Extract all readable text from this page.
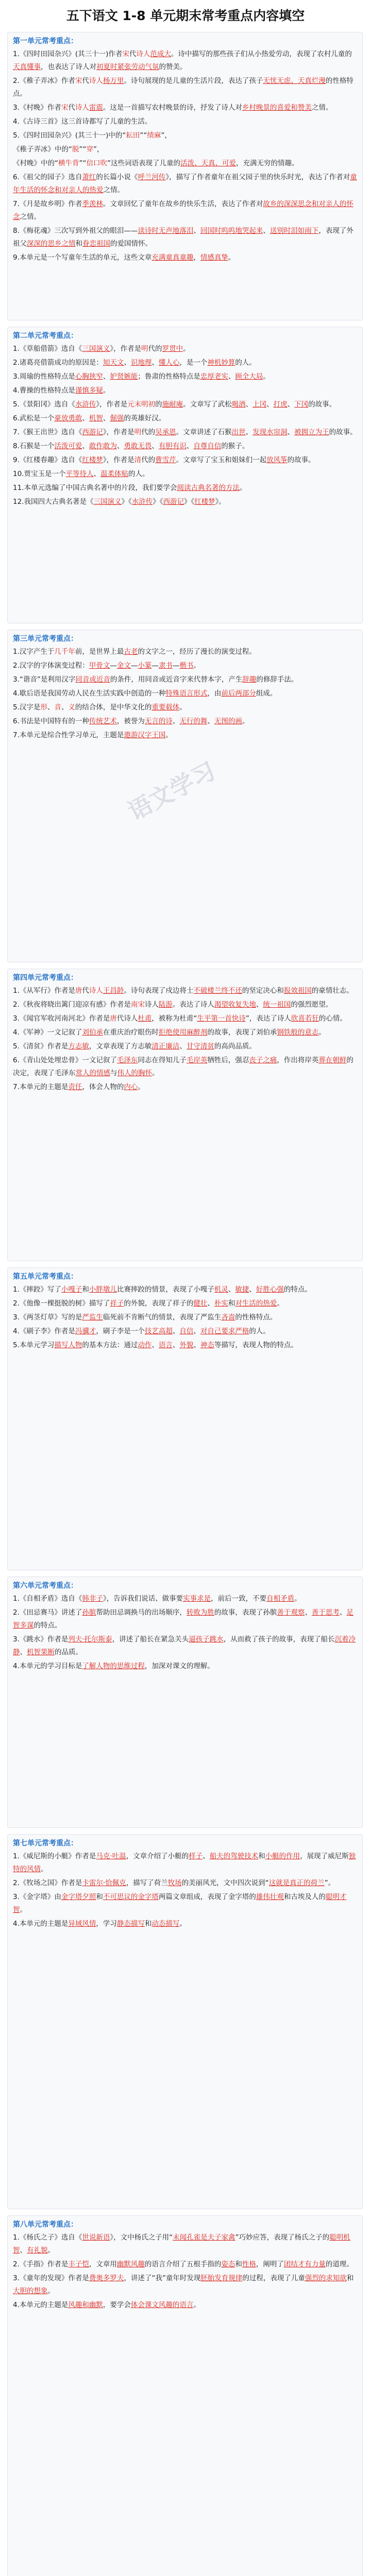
五下语文 1-8 单元期末常考重点内容填空
第一单元常考重点：
1.《四时田园杂兴》(其三十一)作者宋代诗人范成大。诗中描写的那些孩子们从小热爱劳动，表现了农村儿童的天真懂事，也表达了诗人对初夏时紧张劳动气氛的赞美。
2.《稚子弄冰》作者宋代诗人杨万里。诗句展现的是儿童的生活片段，表达了孩子无忧无虑、天真烂漫的性格特点。
3.《村晚》作者宋代诗人雷震。这是一首描写农村晚景的诗，抒发了诗人对乡村晚景的喜爱和赞美之情。
4.《古诗三首》这三首诗都写了儿童的生活。
5.《四时田园杂兴》(其三十一)中的“耘田”“绩麻”，
《稚子弄冰》中的“脱”“穿”，
《村晚》中的“横牛背”“信口吹”这些词语表现了儿童的活泼、天真、可爱，充满无穷的情趣。
6.《祖父的园子》选自萧红的长篇小说《呼兰河传》，描写了作者童年在祖父园子里的快乐时光，表达了作者对童年生活的怀念和对亲人的热爱之情。
7.《月是故乡明》作者季羡林。文章回忆了童年在故乡的快乐生活，表达了作者对故乡的深深思念和对亲人的怀念之情。
8.《梅花魂》三次写到外祖父的眼泪——读诗时无声地落泪、回国时呜呜地哭起来、送别时泪如雨下，表现了外祖父深深的思乡之情和眷恋祖国的爱国情怀。
9.本单元是一个写童年生活的单元，这些文章充满童真童趣，情感真挚。
第二单元常考重点：
1.《草船借箭》选自《三国演义》，作者是明代的罗贯中。
2.诸葛亮借箭成功的原因是：知天文、识地理、懂人心，是一个神机妙算的人。
3.周瑜的性格特点是心胸狭窄、妒贤嫉能；鲁肃的性格特点是忠厚老实、顾全大局。
4.曹操的性格特点是谨慎多疑。
5.《景阳冈》选自《水浒传》，作者是元末明初的施耐庵。文章写了武松喝酒、上冈、打虎、下冈的故事。
6.武松是一个豪放勇敢、机智、倔强的英雄好汉。
7.《猴王出世》选自《西游记》，作者是明代的吴承恩。文章讲述了石猴出世、发现水帘洞、被拥立为王的故事。
8.石猴是一个活泼可爱、敢作敢为、勇敢无畏、有胆有识、自尊自信的猴子。
9.《红楼春趣》选自《红楼梦》，作者是清代的曹雪芹。文章写了宝玉和姐妹们一起放风筝的故事。
10.贾宝玉是一个平等待人、温柔体贴的人。
11.本单元选编了中国古典名著中的片段，我们要学会阅读古典名著的方法。
12.我国四大古典名著是《三国演义》《水浒传》《西游记》《红楼梦》。
第三单元常考重点：
1.汉字产生于几千年前，是世界上最古老的文字之一，经历了漫长的演变过程。
2.汉字的字体演变过程：甲骨文—金文—小篆—隶书—楷书。
3.“谐音”是利用汉字同音或近音的条件，用同音或近音字来代替本字，产生辞趣的修辞手法。
4.歇后语是我国劳动人民在生活实践中创造的一种特殊语言形式，由前后两部分组成。
5.汉字是形、音、义的结合体，是中华文化的重要载体。
6.书法是中国特有的一种传统艺术，被誉为无言的诗、无行的舞、无图的画。
7.本单元是综合性学习单元，主题是遨游汉字王国。
第四单元常考重点：
1.《从军行》作者是唐代诗人王昌龄。诗句表现了戍边将士不破楼兰终不还的坚定决心和报效祖国的豪情壮志。
2.《秋夜将晓出篱门迎凉有感》作者是南宋诗人陆游。表达了诗人渴望收复失地、统一祖国的强烈愿望。
3.《闻官军收河南河北》作者是唐代诗人杜甫，被称为杜甫“生平第一首快诗”，表达了诗人欣喜若狂的心情。
4.《军神》一文记叙了刘伯承在重庆治疗眼伤时拒绝使用麻醉剂的故事，表现了刘伯承钢铁般的意志。
5.《清贫》作者是方志敏，文章表现了方志敏清正廉洁、甘守清贫的高尚品质。
6.《青山处处埋忠骨》一文记叙了毛泽东同志在得知儿子毛岸英牺牲后，强忍丧子之痛，作出将岸英葬在朝鲜的决定，表现了毛泽东常人的情感与伟人的胸怀。
7.本单元的主题是责任，体会人物的内心。
第五单元常考重点：
1.《摔跤》写了小嘎子和小胖墩儿比赛摔跤的情景，表现了小嘎子机灵、敏捷、好胜心强的特点。
2.《他像一棵挺脱的树》描写了祥子的外貌，表现了祥子的健壮、朴实和对生活的热爱。
3.《两茎灯草》写的是严监生临死前不肯断气的情景，表现了严监生吝啬的性格特点。
4.《刷子李》作者是冯骥才，刷子李是一个技艺高超、自信、对自己要求严格的人。
5.本单元学习描写人物的基本方法：通过动作、语言、外貌、神态等描写，表现人物的特点。
第六单元常考重点：
1.《自相矛盾》选自《韩非子》，告诉我们说话、做事要实事求是，前后一致，不要自相矛盾。
2.《田忌赛马》讲述了孙膑帮助田忌调换马的出场顺序，转败为胜的故事，表现了孙膑善于观察、善于思考、足智多谋的特点。
3.《跳水》作者是列夫·托尔斯泰，讲述了船长在紧急关头逼孩子跳水，从而救了孩子的故事，表现了船长沉着冷静、机智果断的品质。
4.本单元的学习目标是了解人物的思维过程，加深对课文的理解。
第七单元常考重点：
1.《威尼斯的小艇》作者是马克·吐温，文章介绍了小艇的样子、船夫的驾驶技术和小艇的作用，展现了威尼斯独特的风情。
2.《牧场之国》作者是卡雷尔·恰佩克，描写了荷兰牧场的美丽风光，文中四次说到“这就是真正的荷兰”。
3.《金字塔》由金字塔夕照和不可思议的金字塔两篇文章组成，表现了金字塔的雄伟壮观和古埃及人的聪明才智。
4.本单元的主题是异域风情，学习静态描写和动态描写。
第八单元常考重点：
1.《杨氏之子》选自《世说新语》，文中杨氏之子用“未闻孔雀是夫子家禽”巧妙应答，表现了杨氏之子的聪明机智、有礼貌。
2.《手指》作者是丰子恺，文章用幽默风趣的语言介绍了五根手指的姿态和性格，阐明了团结才有力量的道理。
3.《童年的发现》作者是费奥多罗夫，讲述了“我”童年时发现胚胎发育规律的过程，表现了儿童强烈的求知欲和大胆的想象。
4.本单元的主题是风趣和幽默，要学会体会课文风趣的语言。
语文学习
